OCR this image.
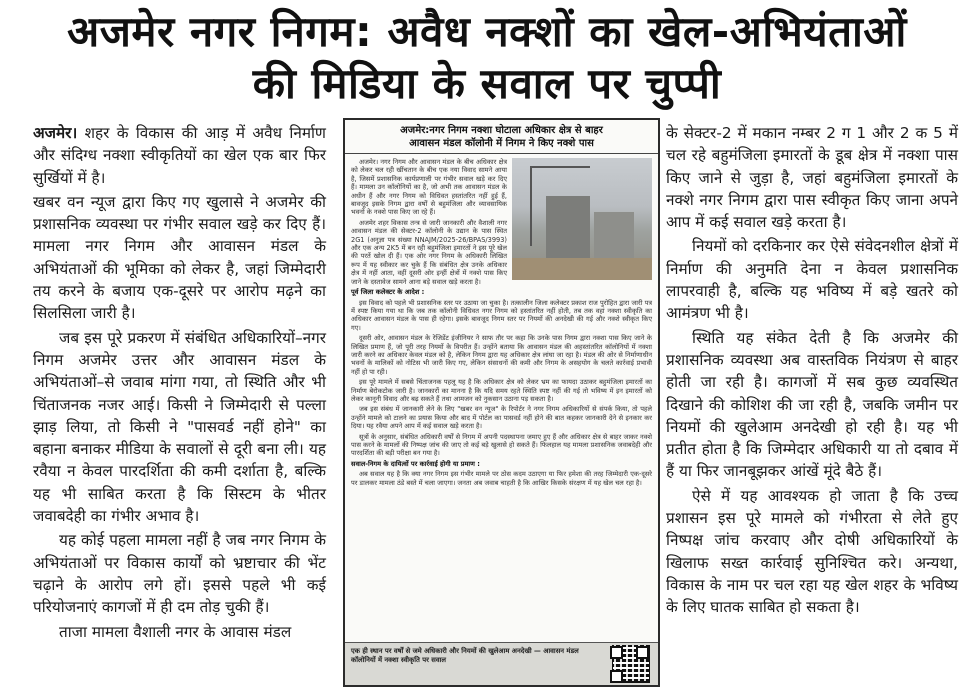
अजमेर नगर निगम: अवैध नक्शों का खेल-अभियंताओं
की मिडिया के सवाल पर चुप्पी

अजमेर। शहर के विकास की आड़ में अवैध निर्माण और संदिग्ध नक्शा स्वीकृतियों का खेल एक बार फिर सुर्खियों में है।

खबर वन न्यूज द्वारा किए गए खुलासे ने अजमेर की प्रशासनिक व्यवस्था पर गंभीर सवाल खड़े कर दिए हैं। मामला नगर निगम और आवासन मंडल के अभियंताओं की भूमिका को लेकर है, जहां जिम्मेदारी तय करने के बजाय एक-दूसरे पर आरोप मढ़ने का सिलसिला जारी है।

जब इस पूरे प्रकरण में संबंधित अधिकारियों–नगर निगम अजमेर उत्तर और आवासन मंडल के अभियंताओं–से जवाब मांगा गया, तो स्थिति और भी चिंताजनक नजर आई। किसी ने जिम्मेदारी से पल्ला झाड़ लिया, तो किसी ने "पासवर्ड नहीं होने" का बहाना बनाकर मीडिया के सवालों से दूरी बना ली। यह रवैया न केवल पारदर्शिता की कमी दर्शाता है, बल्कि यह भी साबित करता है कि सिस्टम के भीतर जवाबदेही का गंभीर अभाव है।

यह कोई पहला मामला नहीं है जब नगर निगम के अभियंताओं पर विकास कार्यों को भ्रष्टाचार की भेंट चढ़ाने के आरोप लगे हों। इससे पहले भी कई परियोजनाएं कागजों में ही दम तोड़ चुकी हैं।

ताजा मामला वैशाली नगर के आवास मंडल

अजमेर:नगर निगम नक्शा घोटाला अधिकार क्षेत्र से बाहर
आवासन मंडल कॉलोनी में निगम ने किए नक्शे पास

अजमेर। नगर निगम और आवासन मंडल के बीच अधिकार क्षेत्र को लेकर चल रही खींचतान के बीच एक नया विवाद सामने आया है, जिसमें प्रशासनिक कार्यप्रणाली पर गंभीर सवाल खड़े कर दिए हैं। मामला उन कॉलोनियों का है, जो अभी तक आवासन मंडल के अधीन हैं और नगर निगम को विधिवत हस्तांतरित नहीं हुई हैं, बावजूद इसके निगम द्वारा वर्षों से बहुमंजिला और व्यावसायिक भवनों के नक्शे पास किए जा रहे हैं।

अजमेर शहर विकास तन्त्र से जारी जानकारी और वैशाली नगर आवासन मंडल की सेक्टर-2 कॉलोनी के उद्यान के पास स्थित 2G1 (अनुज्ञा पत्र संख्या NNAJM/2025-26/BPAS/3993) और एक अन्य 2K5 में बन रही बहुमंजिला इमारतों ने इस पूरे खेल की परतें खोल दी हैं। एक ओर नगर निगम के अधिकारी लिखित रूप में यह स्वीकार कर चुके हैं कि संबंधित क्षेत्र उनके अधिकार क्षेत्र में नहीं आता, वहीं दूसरी ओर इन्हीं क्षेत्रों में नक्शे पास किए जाने के दस्तावेज सामने आना बड़े सवाल खड़े करता है।

पूर्व जिला कलेक्टर के आदेश :

इस विवाद को पहले भी प्रशासनिक स्तर पर उठाया जा चुका है। तत्कालीन जिला कलेक्टर प्रकाश राज पुरोहित द्वारा जारी पत्र में स्पष्ट किया गया था कि जब तक कॉलोनी विधिवत नगर निगम को हस्तांतरित नहीं होती, तब तक वहां नक्शा स्वीकृति का अधिकार आवासन मंडल के पास ही रहेगा। इसके बावजूद निगम स्तर पर नियमों की अनदेखी की गई और नक्शे स्वीकृत किए गए।

दूसरी ओर, आवासन मंडल के रेजिडेंट इंजीनियर ने साफ तौर पर कहा कि उनके पास निगम द्वारा नक्शा पास किए जाने के लिखित प्रमाण हैं, जो पूरी तरह नियमों के विपरीत हैं। उन्होंने बताया कि आवासन मंडल की अहस्तांतरित कॉलोनियों में नक्शा जारी करने का अधिकार केवल मंडल को है, लेकिन निगम द्वारा यह अधिकार क्षेत्र लांघा जा रहा है। मंडल की ओर से निर्माणाधीन भवनों के मालिकों को नोटिस भी जारी किए गए, लेकिन संसाधनों की कमी और निगम के असहयोग के चलते कार्रवाई प्रभावी नहीं हो पा रही।

इस पूरे मामले में सबसे चिंताजनक पहलू यह है कि अधिकार क्षेत्र को लेकर भ्रम का फायदा उठाकर बहुमंजिला इमारतों का निर्माण बेरोकटोक जारी है। जानकारों का मानना है कि यदि समय रहते स्थिति स्पष्ट नहीं की गई तो भविष्य में इन इमारतों को लेकर कानूनी विवाद और बढ़ सकते हैं तथा आमजन को नुकसान उठाना पड़ सकता है।

जब इस संबंध में जानकारी लेने के लिए "खबर वन न्यूज" के रिपोर्टर ने नगर निगम अधिकारियों से संपर्क किया, तो पहले उन्होंने मामले को टालने का प्रयास किया और बाद में पोर्टल का पासवर्ड नहीं होने की बात कहकर जानकारी देने से इनकार कर दिया। यह रवैया अपने आप में कई सवाल खड़े करता है।

सूत्रों के अनुसार, संबंधित अधिकारी वर्षों से निगम में अपनी पदस्थापना जमाए हुए हैं और अधिकार क्षेत्र से बाहर जाकर नक्शे पास करने के मामलों की निष्पक्ष जांच की जाए तो कई बड़े खुलासे हो सकते हैं। फिलहाल यह मामला प्रशासनिक जवाबदेही और पारदर्शिता की बड़ी परीक्षा बन गया है।

सवाल-निगम के दायित्वों पर कार्रवाई होगी या प्रमाण :

अब सवाल यह है कि क्या नगर निगम इस गंभीर मामले पर ठोस कदम उठाएगा या फिर हमेशा की तरह जिम्मेदारी एक-दूसरे पर डालकर मामला ठंडे बस्ते में चला जाएगा। जनता अब जवाब चाहती है कि आखिर किसके संरक्षण में यह खेल चल रहा है।

एक ही स्थान पर वर्षों से जमे अधिकारी और नियमों की खुलेआम अनदेखी — आवासन मंडल कॉलोनियों में नक्शा स्वीकृति पर सवाल

के सेक्टर-2 में मकान नम्बर 2 ग 1 और 2 क 5 में चल रहे बहुमंजिला इमारतों के डूब क्षेत्र में नक्शा पास किए जाने से जुड़ा है, जहां बहुमंजिला इमारतों के नक्शे नगर निगम द्वारा पास स्वीकृत किए जाना अपने आप में कई सवाल खड़े करता है।

नियमों को दरकिनार कर ऐसे संवेदनशील क्षेत्रों में निर्माण की अनुमति देना न केवल प्रशासनिक लापरवाही है, बल्कि यह भविष्य में बड़े खतरे को आमंत्रण भी है।

स्थिति यह संकेत देती है कि अजमेर की प्रशासनिक व्यवस्था अब वास्तविक नियंत्रण से बाहर होती जा रही है। कागजों में सब कुछ व्यवस्थित दिखाने की कोशिश की जा रही है, जबकि जमीन पर नियमों की खुलेआम अनदेखी हो रही है। यह भी प्रतीत होता है कि जिम्मेदार अधिकारी या तो दबाव में हैं या फिर जानबूझकर आंखें मूंदे बैठे हैं।

ऐसे में यह आवश्यक हो जाता है कि उच्च प्रशासन इस पूरे मामले को गंभीरता से लेते हुए निष्पक्ष जांच करवाए और दोषी अधिकारियों के खिलाफ सख्त कार्रवाई सुनिश्चित करे। अन्यथा, विकास के नाम पर चल रहा यह खेल शहर के भविष्य के लिए घातक साबित हो सकता है।
